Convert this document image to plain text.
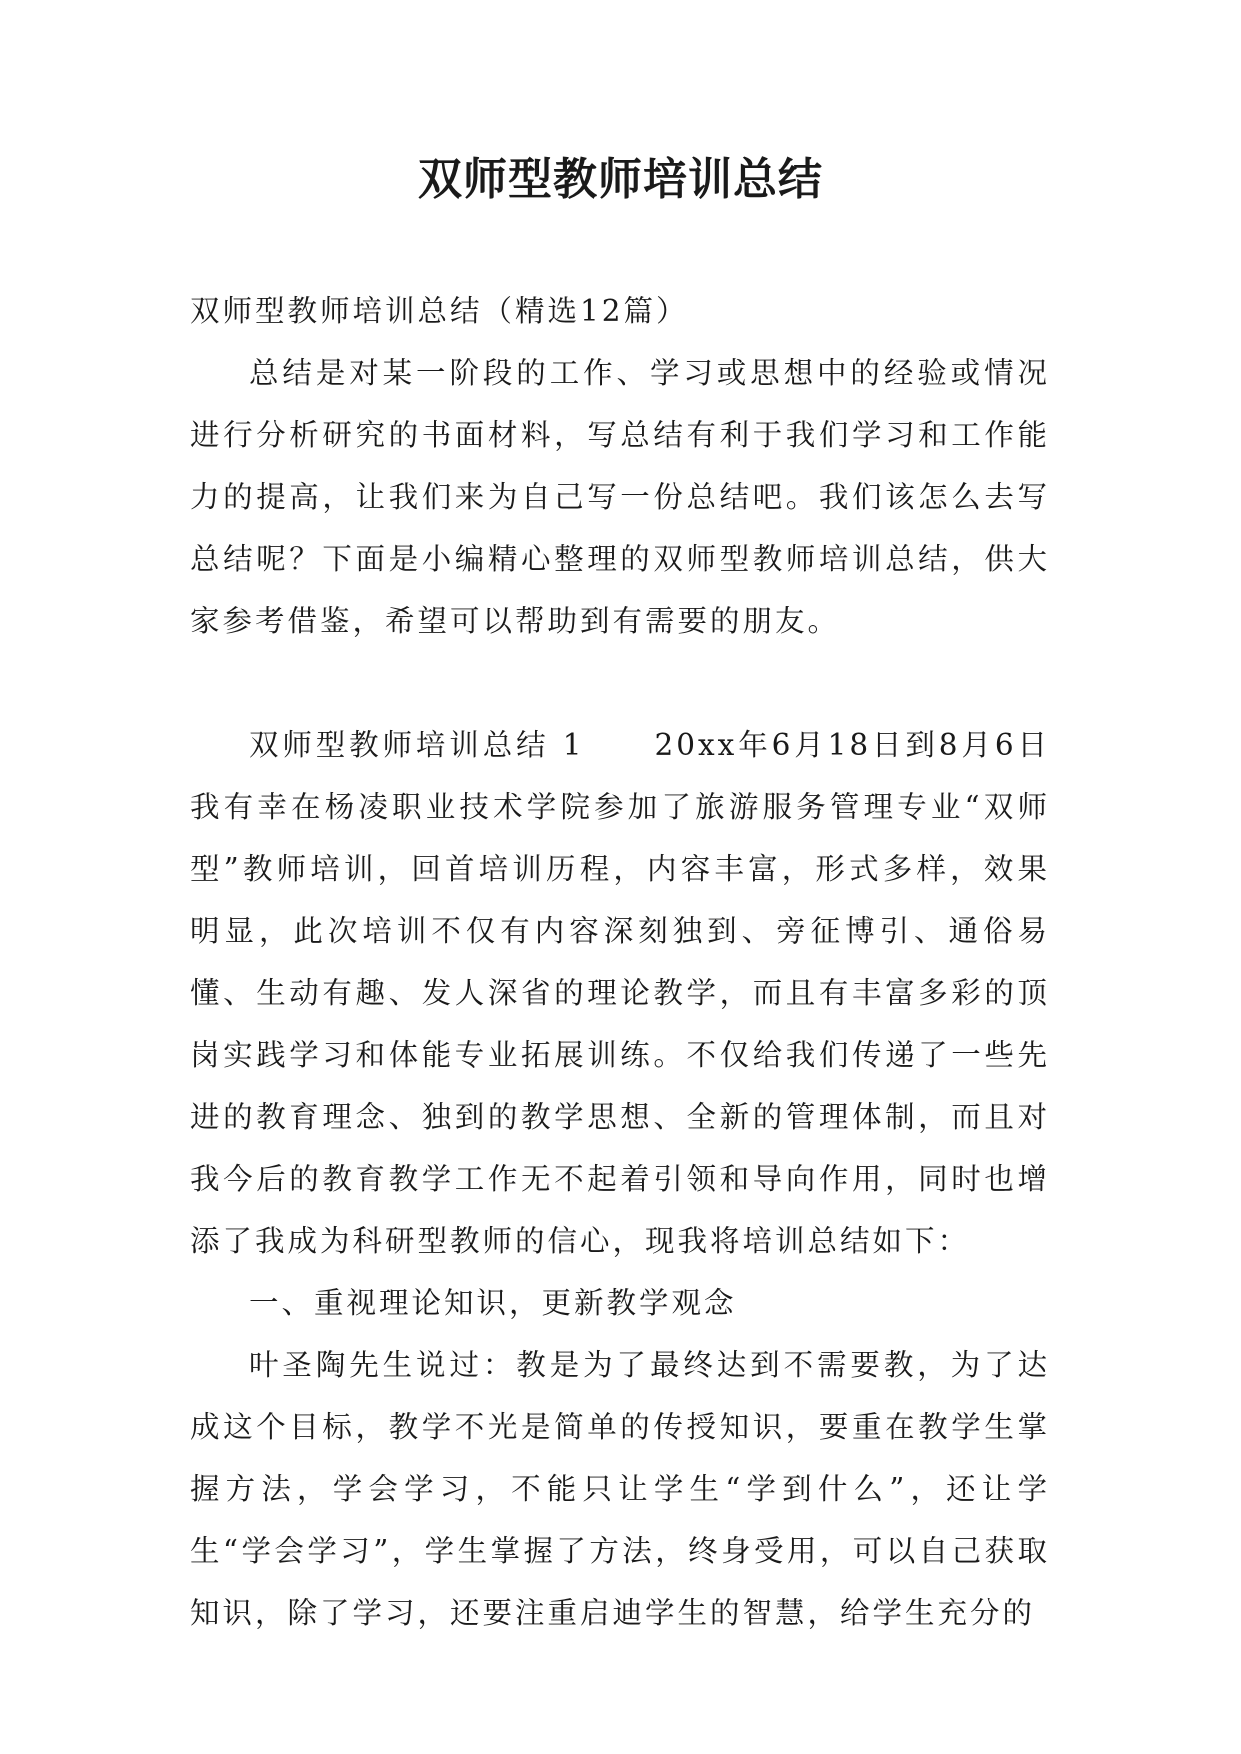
双师型教师培训总结

双师型教师培训总结（精选12篇）

总结是对某一阶段的工作、学习或思想中的经验或情况进行分析研究的书面材料，写总结有利于我们学习和工作能力的提高，让我们来为自己写一份总结吧。我们该怎么去写总结呢？下面是小编精心整理的双师型教师培训总结，供大家参考借鉴，希望可以帮助到有需要的朋友。

双师型教师培训总结 1 20xx年6月18日到8月6日我有幸在杨凌职业技术学院参加了旅游服务管理专业“双师型”教师培训，回首培训历程，内容丰富，形式多样，效果明显，此次培训不仅有内容深刻独到、旁征博引、通俗易懂、生动有趣、发人深省的理论教学，而且有丰富多彩的顶岗实践学习和体能专业拓展训练。不仅给我们传递了一些先进的教育理念、独到的教学思想、全新的管理体制，而且对我今后的教育教学工作无不起着引领和导向作用，同时也增添了我成为科研型教师的信心，现我将培训总结如下：

一、重视理论知识，更新教学观念

叶圣陶先生说过：教是为了最终达到不需要教，为了达成这个目标，教学不光是简单的传授知识，要重在教学生掌握方法，学会学习，不能只让学生“学到什么”，还让学生“学会学习”，学生掌握了方法，终身受用，可以自己获取知识，除了学习，还要注重启迪学生的智慧，给学生充分的
